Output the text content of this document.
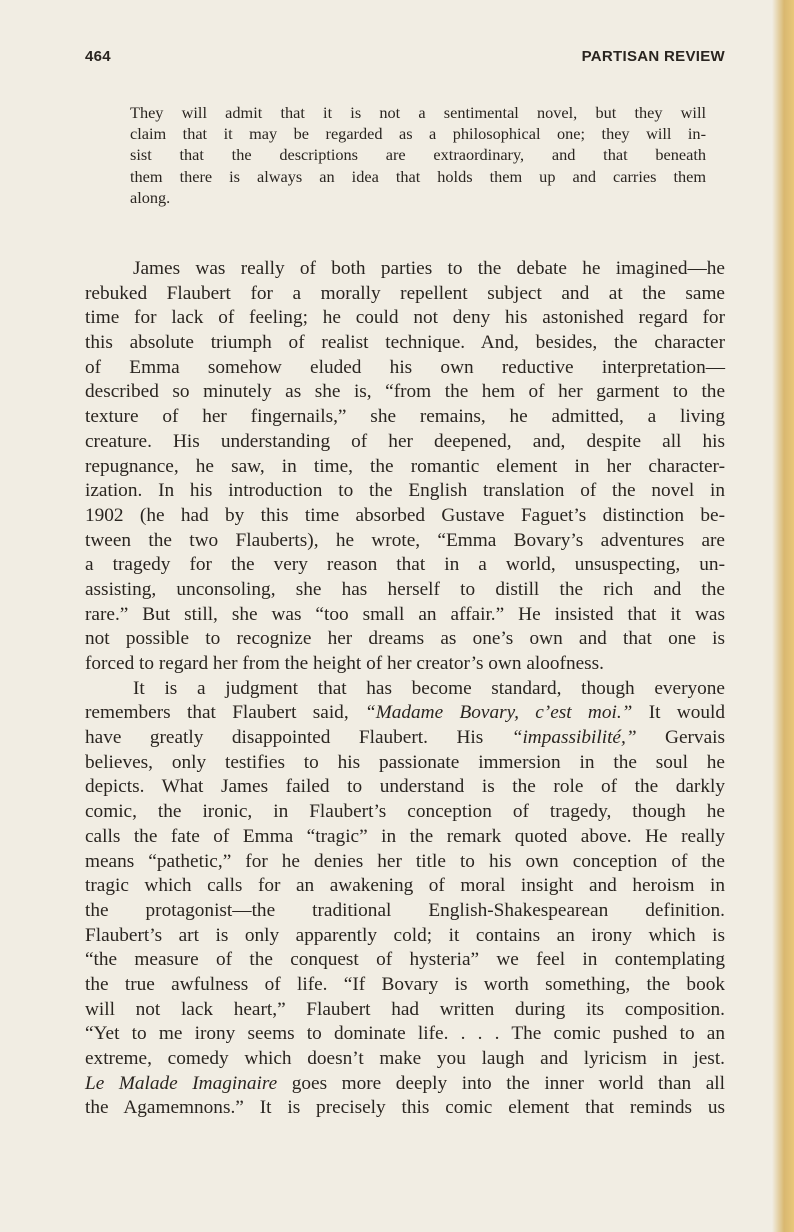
464	PARTISAN REVIEW
They will admit that it is not a sentimental novel, but they will
claim that it may be regarded as a philosophical one; they will in-
sist that the descriptions are extraordinary, and that beneath
them there is always an idea that holds them up and carries them
along.
James was really of both parties to the debate he imagined—he
rebuked Flaubert for a morally repellent subject and at the same
time for lack of feeling; he could not deny his astonished regard for
this absolute triumph of realist technique. And, besides, the character
of Emma somehow eluded his own reductive interpretation—
described so minutely as she is, “from the hem of her garment to the
texture of her fingernails,” she remains, he admitted, a living
creature. His understanding of her deepened, and, despite all his
repugnance, he saw, in time, the romantic element in her character-
ization. In his introduction to the English translation of the novel in
1902 (he had by this time absorbed Gustave Faguet’s distinction be-
tween the two Flauberts), he wrote, “Emma Bovary’s adventures are
a tragedy for the very reason that in a world, unsuspecting, un-
assisting, unconsoling, she has herself to distill the rich and the
rare.” But still, she was “too small an affair.” He insisted that it was
not possible to recognize her dreams as one’s own and that one is
forced to regard her from the height of her creator’s own aloofness.
It is a judgment that has become standard, though everyone
remembers that Flaubert said, “Madame Bovary, c’est moi.” It would
have greatly disappointed Flaubert. His “impassibilité,” Gervais
believes, only testifies to his passionate immersion in the soul he
depicts. What James failed to understand is the role of the darkly
comic, the ironic, in Flaubert’s conception of tragedy, though he
calls the fate of Emma “tragic” in the remark quoted above. He really
means “pathetic,” for he denies her title to his own conception of the
tragic which calls for an awakening of moral insight and heroism in
the protagonist—the traditional English-Shakespearean definition.
Flaubert’s art is only apparently cold; it contains an irony which is
“the measure of the conquest of hysteria” we feel in contemplating
the true awfulness of life. “If Bovary is worth something, the book
will not lack heart,” Flaubert had written during its composition.
“Yet to me irony seems to dominate life. . . . The comic pushed to an
extreme, comedy which doesn’t make you laugh and lyricism in jest.
Le Malade Imaginaire goes more deeply into the inner world than all
the Agamemnons.” It is precisely this comic element that reminds us
